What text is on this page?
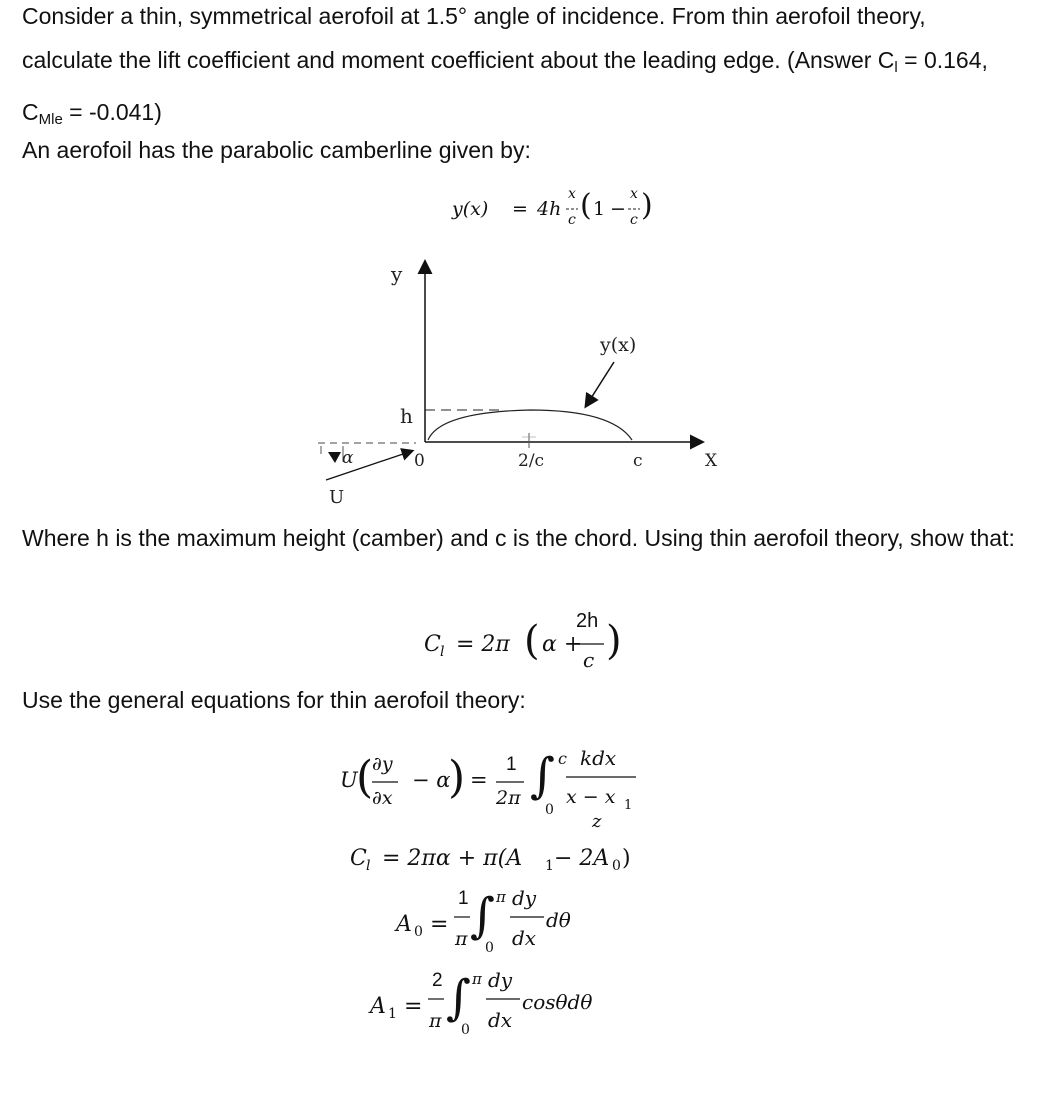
Consider a thin, symmetrical aerofoil at 1.5° angle of incidence. From thin aerofoil theory, calculate the lift coefficient and moment coefficient about the leading edge. (Answer $C_l = 0.164$, $C_{Mle} = -0.041$)

An aerofoil has the parabolic camberline given by:

y(x) = 4h
x
c ( 1 −
x
c )
y
h
0	2/c	c	X
y(x)
α
U

Where h is the maximum height (camber) and c is the chord. Using thin aerofoil theory, show that:

C l = 2π ( α +
2h
c )

Use the general equations for thin aerofoil theory:

U
(
∂y
∂x
− α
) =
1
2π ∫ c
0
kdx
x − x 1
z
C l = 2πα + π(A 1 − 2A 0 )
A 0 =
1
π ∫ π
0
dy
dx
dθ
A 1 =
2
π ∫ π
0
dy
dx
cosθdθ
